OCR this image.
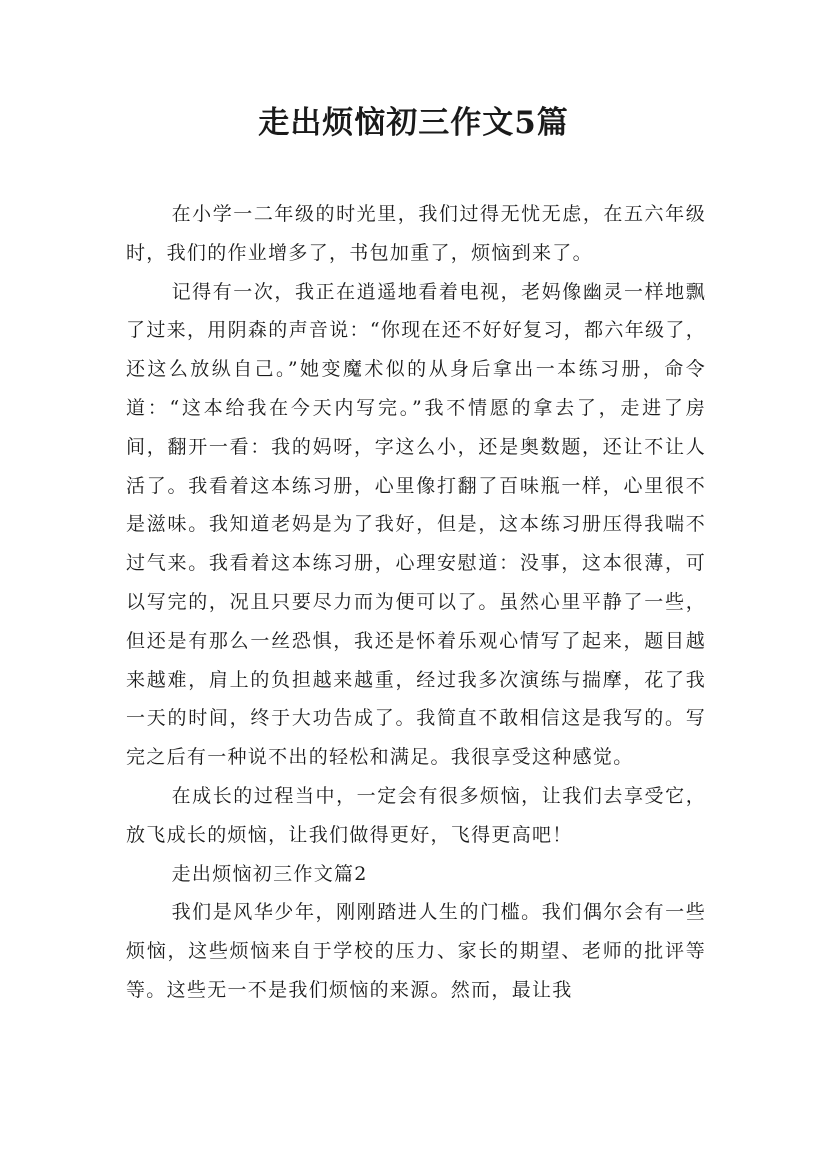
走出烦恼初三作文5篇

在小学一二年级的时光里，我们过得无忧无虑，在五六年级时，我们的作业增多了，书包加重了，烦恼到来了。

记得有一次，我正在逍遥地看着电视，老妈像幽灵一样地飘了过来，用阴森的声音说：“你现在还不好好复习，都六年级了，还这么放纵自己。”她变魔术似的从身后拿出一本练习册，命令道：“这本给我在今天内写完。”我不情愿的拿去了，走进了房间，翻开一看：我的妈呀，字这么小，还是奥数题，还让不让人活了。我看着这本练习册，心里像打翻了百味瓶一样，心里很不是滋味。我知道老妈是为了我好，但是，这本练习册压得我喘不过气来。我看着这本练习册，心理安慰道：没事，这本很薄，可以写完的，况且只要尽力而为便可以了。虽然心里平静了一些，但还是有那么一丝恐惧，我还是怀着乐观心情写了起来，题目越来越难，肩上的负担越来越重，经过我多次演练与揣摩，花了我一天的时间，终于大功告成了。我简直不敢相信这是我写的。写完之后有一种说不出的轻松和满足。我很享受这种感觉。

在成长的过程当中，一定会有很多烦恼，让我们去享受它，放飞成长的烦恼，让我们做得更好，飞得更高吧！

走出烦恼初三作文篇2

我们是风华少年，刚刚踏进人生的门槛。我们偶尔会有一些烦恼，这些烦恼来自于学校的压力、家长的期望、老师的批评等等。这些无一不是我们烦恼的来源。然而，最让我
